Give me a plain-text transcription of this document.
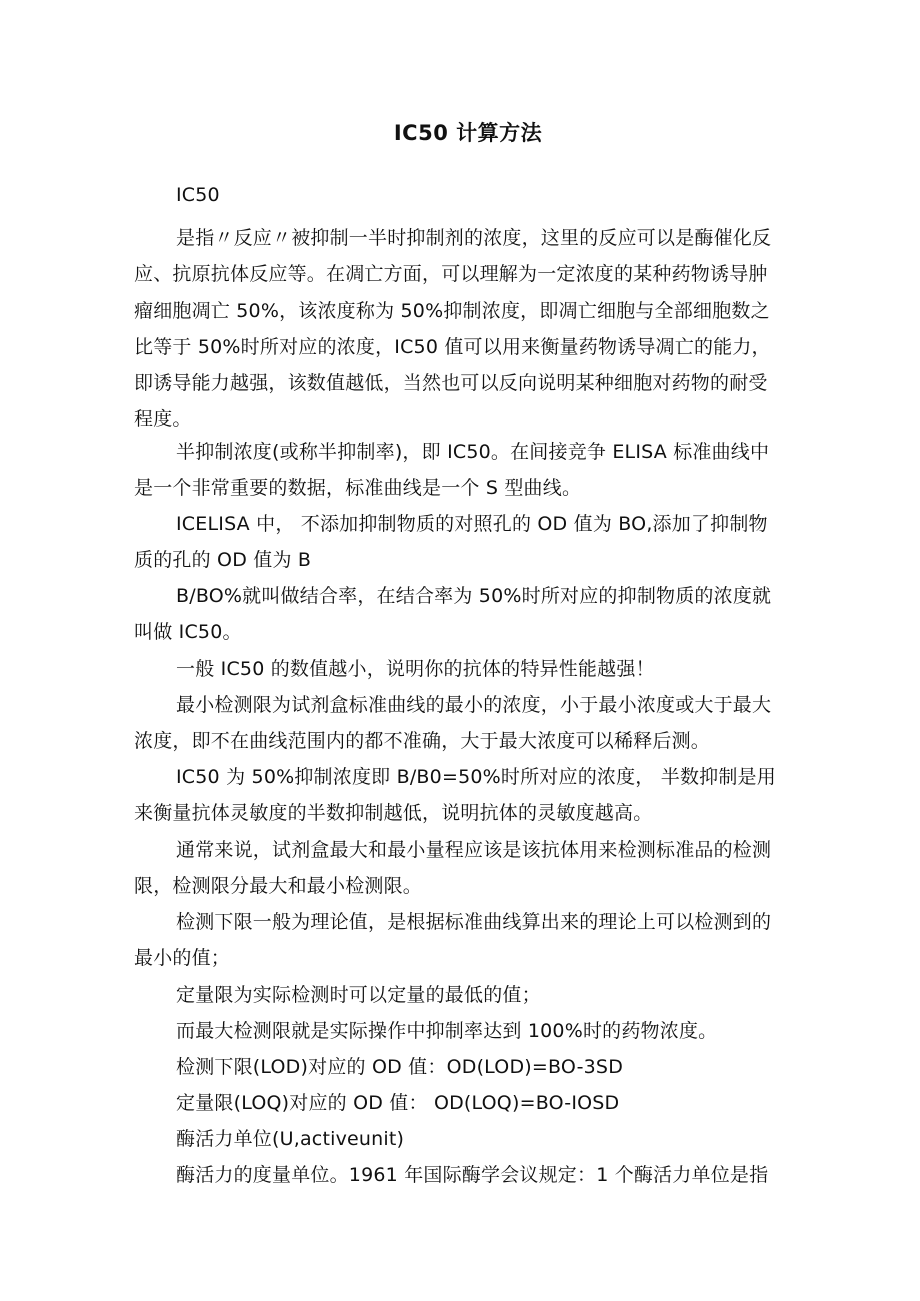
IC50 计算方法
IC50
是指〃反应〃被抑制一半时抑制剂的浓度，这里的反应可以是酶催化反
应、抗原抗体反应等。在凋亡方面，可以理解为一定浓度的某种药物诱导肿
瘤细胞凋亡 50%，该浓度称为 50%抑制浓度，即凋亡细胞与全部细胞数之
比等于 50%时所对应的浓度，IC50 值可以用来衡量药物诱导凋亡的能力，
即诱导能力越强，该数值越低，当然也可以反向说明某种细胞对药物的耐受
程度。
半抑制浓度(或称半抑制率)，即 IC50。在间接竞争 ELISA 标准曲线中
是一个非常重要的数据，标准曲线是一个 S 型曲线。
ICELISA 中， 不添加抑制物质的对照孔的 OD 值为 BO,添加了抑制物
质的孔的 OD 值为 B
B/BO%就叫做结合率，在结合率为 50%时所对应的抑制物质的浓度就
叫做 IC50。
一般 IC50 的数值越小，说明你的抗体的特异性能越强！
最小检测限为试剂盒标准曲线的最小的浓度，小于最小浓度或大于最大
浓度，即不在曲线范围内的都不准确，大于最大浓度可以稀释后测。
IC50 为 50%抑制浓度即 B/B0=50%时所对应的浓度， 半数抑制是用
来衡量抗体灵敏度的半数抑制越低，说明抗体的灵敏度越高。
通常来说，试剂盒最大和最小量程应该是该抗体用来检测标准品的检测
限，检测限分最大和最小检测限。
检测下限一般为理论值，是根据标准曲线算出来的理论上可以检测到的
最小的值；
定量限为实际检测时可以定量的最低的值；
而最大检测限就是实际操作中抑制率达到 100%时的药物浓度。
检测下限(LOD)对应的 OD 值：OD(LOD)=BO-3SD
定量限(LOQ)对应的 OD 值： OD(LOQ)=BO-IOSD
酶活力单位(U,activeunit)
酶活力的度量单位。1961 年国际酶学会议规定：1 个酶活力单位是指
